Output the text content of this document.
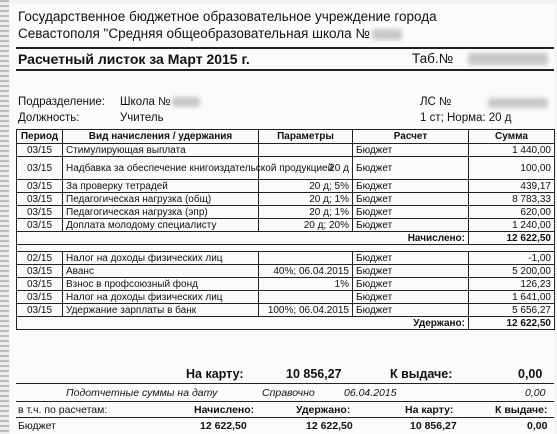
Государственное бюджетное образовательное учреждение города
Севастополя "Средняя общеобразовательная школа №
Расчетный листок за Март 2015 г.	Таб.№
Подразделение: Школа №	ЛС №
Должность:	Учитель	1 ст; Норма: 20 д
Период	Вид начисления / удержания	Параметры	Расчет	Сумма
03/15	Стимулирующая выплата		Бюджет	1 440,00
03/15	Надбавка за обеспечение книгоиздательской продукцией	20 д	Бюджет	100,00
03/15	За проверку тетрадей	20 д; 5%	Бюджет	439,17
03/15	Педагогическая нагрузка (общ)	20 д; 1%	Бюджет	8 783,33
03/15	Педагогическая нагрузка (эпр)	20 д; 1%	Бюджет	620,00
03/15	Доплата молодому специалисту	20 д; 20%	Бюджет	1 240,00
Начислено:				12 622,50

02/15	Налог на доходы физических лиц		Бюджет	-1,00
03/15	Аванс	40%; 06.04.2015	Бюджет	5 200,00
03/15	Взнос в профсоюзный фонд	1%	Бюджет	126,23
03/15	Налог на доходы физических лиц		Бюджет	1 641,00
03/15	Удержание зарплаты в банк	100%; 06.04.2015	Бюджет	5 656,27
Удержано:				12 622,50
На карту:	10 856,27	К выдаче:	0,00
Подотчетные суммы на дату	Справочно	06.04.2015	0,00
в т.ч. по расчетам:	Начислено:	Удержано:	На карту:	К выдаче:
Бюджет	12 622,50	12 622,50	10 856,27	0,00
